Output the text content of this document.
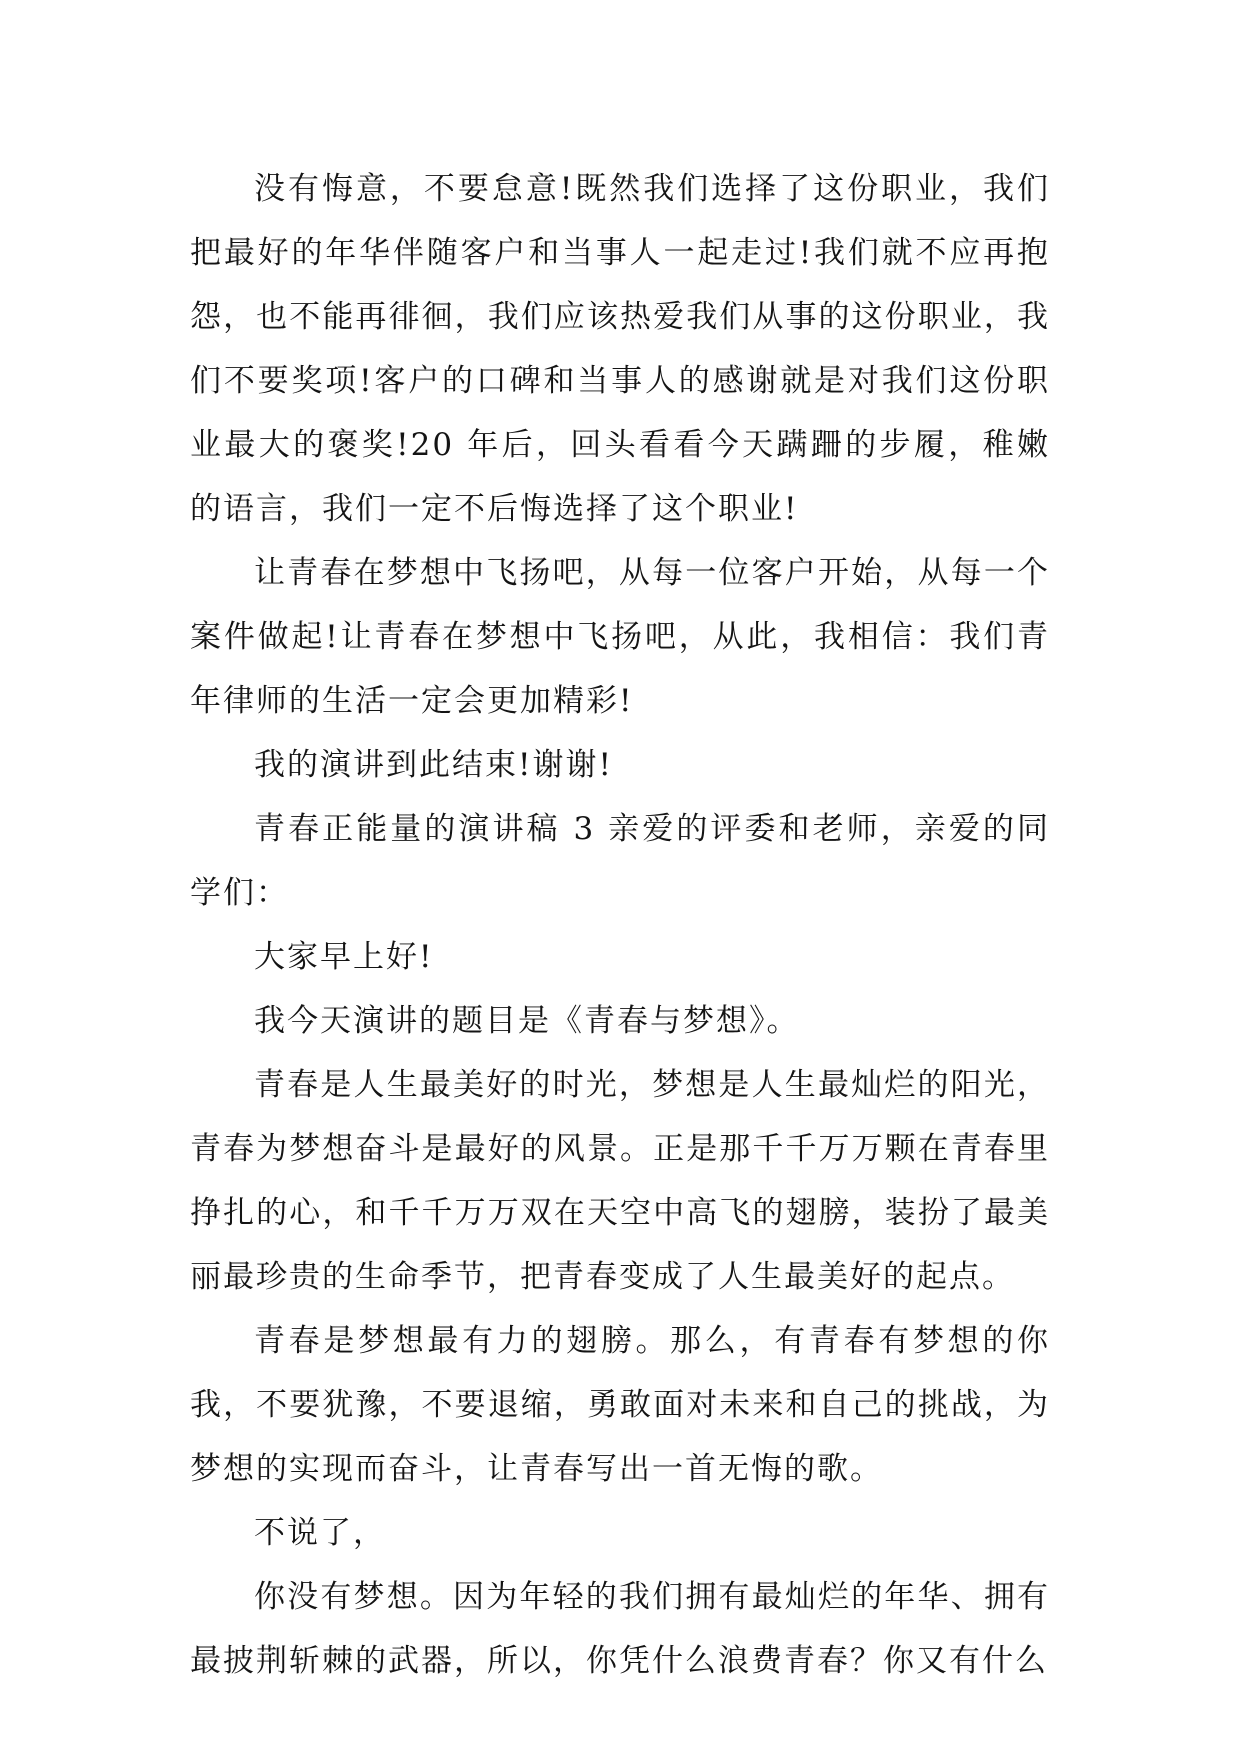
没有悔意，不要怠意!既然我们选择了这份职业，我们把最好的年华伴随客户和当事人一起走过!我们就不应再抱怨，也不能再徘徊，我们应该热爱我们从事的这份职业，我们不要奖项!客户的口碑和当事人的感谢就是对我们这份职业最大的褒奖!20 年后，回头看看今天蹒跚的步履，稚嫩的语言，我们一定不后悔选择了这个职业!

让青春在梦想中飞扬吧，从每一位客户开始，从每一个案件做起!让青春在梦想中飞扬吧，从此，我相信：我们青年律师的生活一定会更加精彩!

我的演讲到此结束!谢谢!

青春正能量的演讲稿 3 亲爱的评委和老师，亲爱的同学们：

大家早上好!

我今天演讲的题目是《青春与梦想》。

青春是人生最美好的时光，梦想是人生最灿烂的阳光，青春为梦想奋斗是最好的风景。正是那千千万万颗在青春里挣扎的心，和千千万万双在天空中高飞的翅膀，装扮了最美丽最珍贵的生命季节，把青春变成了人生最美好的起点。

青春是梦想最有力的翅膀。那么，有青春有梦想的你我，不要犹豫，不要退缩，勇敢面对未来和自己的挑战，为梦想的实现而奋斗，让青春写出一首无悔的歌。

不说了，

你没有梦想。因为年轻的我们拥有最灿烂的年华、拥有最披荆斩棘的武器，所以，你凭什么浪费青春？你又有什么
